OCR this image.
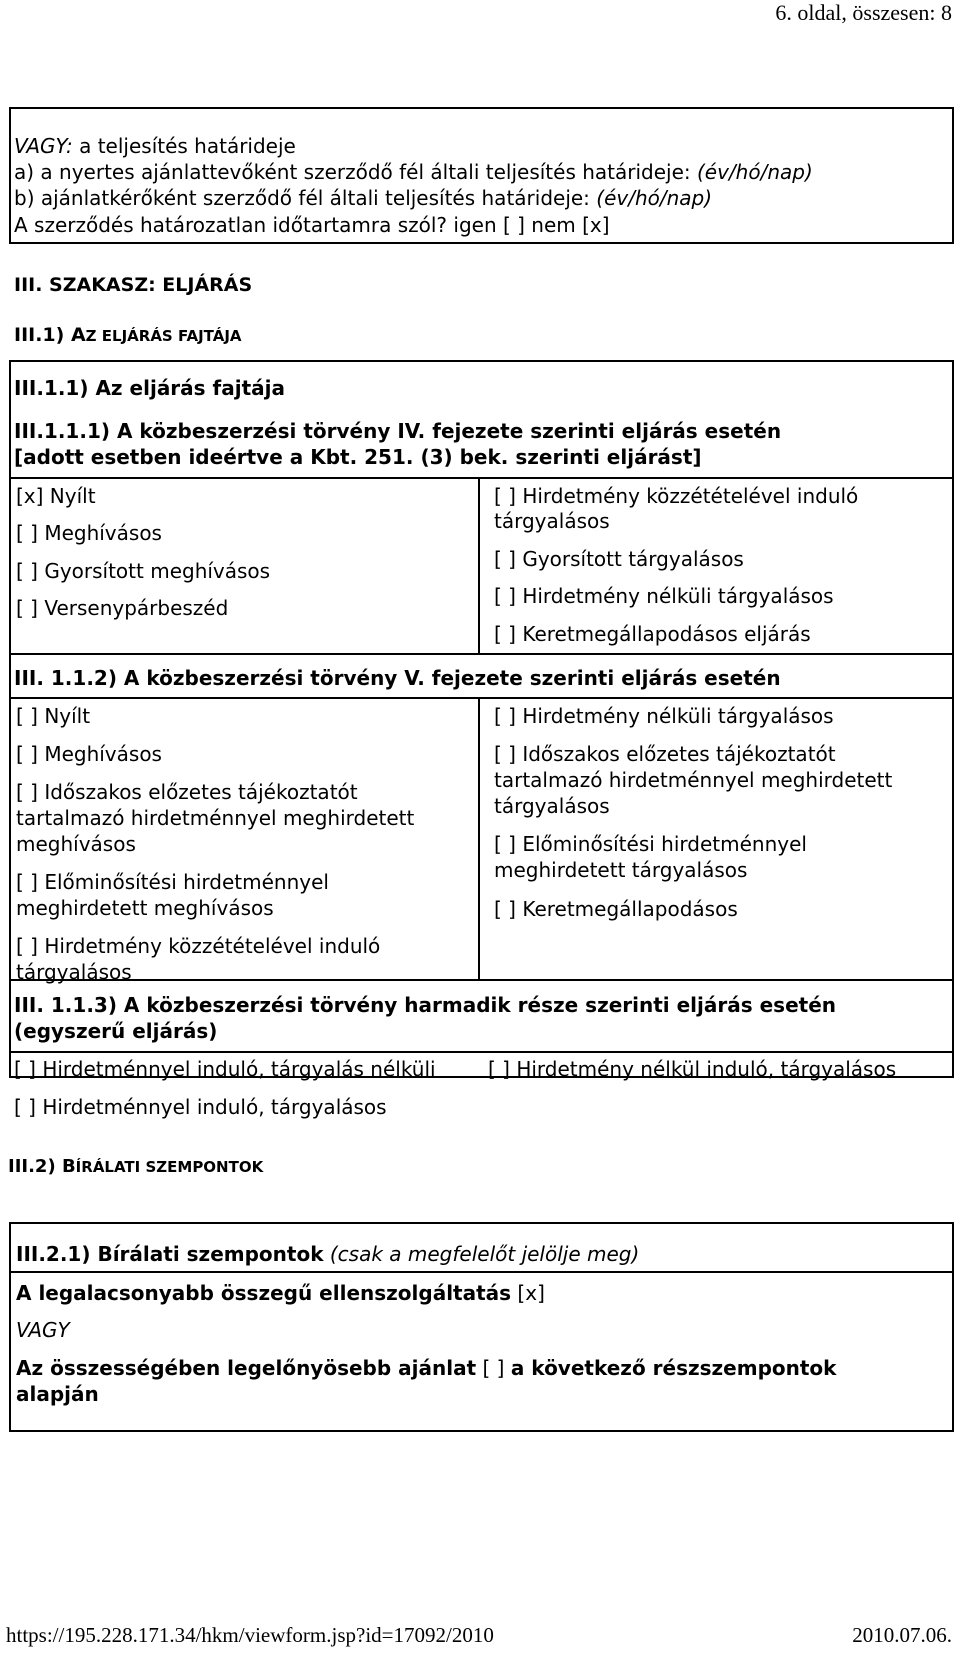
6. oldal, összesen: 8
VAGY: a teljesítés határideje
a) a nyertes ajánlattevőként szerződő fél általi teljesítés határideje: (év/hó/nap)
b) ajánlatkérőként szerződő fél általi teljesítés határideje: (év/hó/nap)
A szerződés határozatlan időtartamra szól? igen [ ] nem [x]
III. SZAKASZ: ELJÁRÁS
III.1) AZ ELJÁRÁS FAJTÁJA
III.1.1) Az eljárás fajtája
III.1.1.1) A közbeszerzési törvény IV. fejezete szerinti eljárás esetén
[adott esetben ideértve a Kbt. 251. (3) bek. szerinti eljárást]
[x] Nyílt
[ ] Meghívásos
[ ] Gyorsított meghívásos
[ ] Versenypárbeszéd
[ ] Hirdetmény közzétételével induló
tárgyalásos
[ ] Gyorsított tárgyalásos
[ ] Hirdetmény nélküli tárgyalásos
[ ] Keretmegállapodásos eljárás
III. 1.1.2) A közbeszerzési törvény V. fejezete szerinti eljárás esetén
[ ] Nyílt
[ ] Meghívásos
[ ] Időszakos előzetes tájékoztatót
tartalmazó hirdetménnyel meghirdetett
meghívásos
[ ] Előminősítési hirdetménnyel
meghirdetett meghívásos
[ ] Hirdetmény közzétételével induló
tárgyalásos
[ ] Hirdetmény nélküli tárgyalásos
[ ] Időszakos előzetes tájékoztatót
tartalmazó hirdetménnyel meghirdetett
tárgyalásos
[ ] Előminősítési hirdetménnyel
meghirdetett tárgyalásos
[ ] Keretmegállapodásos
III. 1.1.3) A közbeszerzési törvény harmadik része szerinti eljárás esetén
(egyszerű eljárás)
[ ] Hirdetménnyel induló, tárgyalás nélküli	[ ] Hirdetmény nélkül induló, tárgyalásos
[ ] Hirdetménnyel induló, tárgyalásos
III.2) BÍRÁLATI SZEMPONTOK
III.2.1) Bírálati szempontok (csak a megfelelőt jelölje meg)
A legalacsonyabb összegű ellenszolgáltatás [x]
VAGY
Az összességében legelőnyösebb ajánlat [ ] a következő részszempontok
alapján
https://195.228.171.34/hkm/viewform.jsp?id=17092/2010	2010.07.06.
